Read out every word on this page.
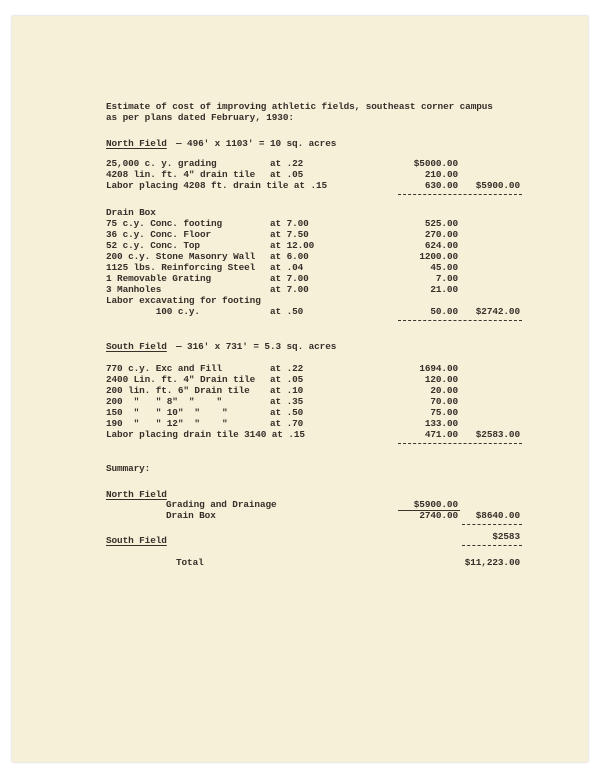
Estimate of cost of improving athletic fields, southeast corner campus
as per plans dated February, 1930:
North Field — 496' x 1103' = 10 sq. acres
25,000 c. y. grading	at .22	$5000.00
4208 lin. ft. 4" drain tile at .05	210.00
Labor placing 4208 ft. drain tile at .15	630.00	$5900.00
Drain Box
75 c.y. Conc. footing	at 7.00	525.00
36 c.y. Conc. Floor	at 7.50	270.00
52 c.y. Conc. Top	at 12.00	624.00
200 c.y. Stone Masonry Wall at 6.00	1200.00
1125 lbs. Reinforcing Steel at .04	45.00
1 Removable Grating	at 7.00	7.00
3 Manholes	at 7.00	21.00
Labor excavating for footing
100 c.y.	at .50	50.00	$2742.00
South Field — 316' x 731' = 5.3 sq. acres
770 c.y. Exc and Fill	at .22	1694.00
2400 Lin. ft. 4" Drain tile at .05	120.00
200 lin. ft. 6" Drain tile at .10	20.00
200  "   " 8"  "    "	at .35	70.00
150  "   " 10"  "    "	at .50	75.00
190  "   " 12"  "    "	at .70	133.00
Labor placing drain tile 3140 at .15	471.00	$2583.00
Summary:
North Field
Grading and Drainage	$5900.00
Drain Box	2740.00	$8640.00
South Field	$2583
Total	$11,223.00
